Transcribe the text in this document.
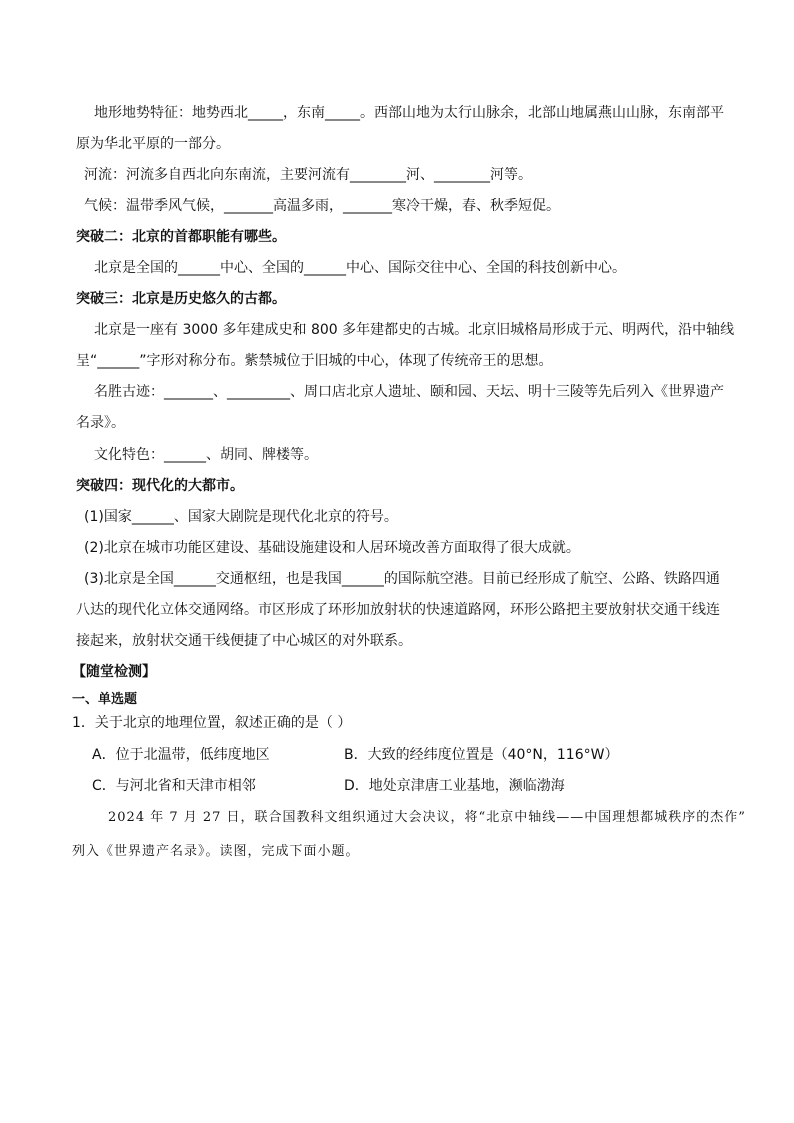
地形地势特征：地势西北_____，东南_____。西部山地为太行山脉余，北部山地属燕山山脉，东南部平
原为华北平原的一部分。
河流：河流多自西北向东南流，主要河流有________河、________河等。
气候：温带季风气候，_______高温多雨，_______寒冷干燥，春、秋季短促。
突破二：北京的首都职能有哪些。
北京是全国的______中心、全国的______中心、国际交往中心、全国的科技创新中心。
突破三：北京是历史悠久的古都。
北京是一座有 3000 多年建成史和 800 多年建都史的古城。北京旧城格局形成于元、明两代，沿中轴线
呈“______”字形对称分布。紫禁城位于旧城的中心，体现了传统帝王的思想。
名胜古迹：_______、_________、周口店北京人遗址、颐和园、天坛、明十三陵等先后列入《世界遗产
名录》。
文化特色：______、胡同、牌楼等。
突破四：现代化的大都市。
(1)国家______、国家大剧院是现代化北京的符号。
(2)北京在城市功能区建设、基础设施建设和人居环境改善方面取得了很大成就。
(3)北京是全国______交通枢纽，也是我国______的国际航空港。目前已经形成了航空、公路、铁路四通
八达的现代化立体交通网络。市区形成了环形加放射状的快速道路网，环形公路把主要放射状交通干线连
接起来，放射状交通干线便捷了中心城区的对外联系。
【随堂检测】
一、单选题
1．关于北京的地理位置，叙述正确的是（ ）
A．位于北温带，低纬度地区	B．大致的经纬度位置是（40°N，116°W）
C．与河北省和天津市相邻	D．地处京津唐工业基地，濒临渤海
2024 年 7 月 27 日，联合国教科文组织通过大会决议，将“北京中轴线——中国理想都城秩序的杰作”
列入《世界遗产名录》。读图，完成下面小题。
